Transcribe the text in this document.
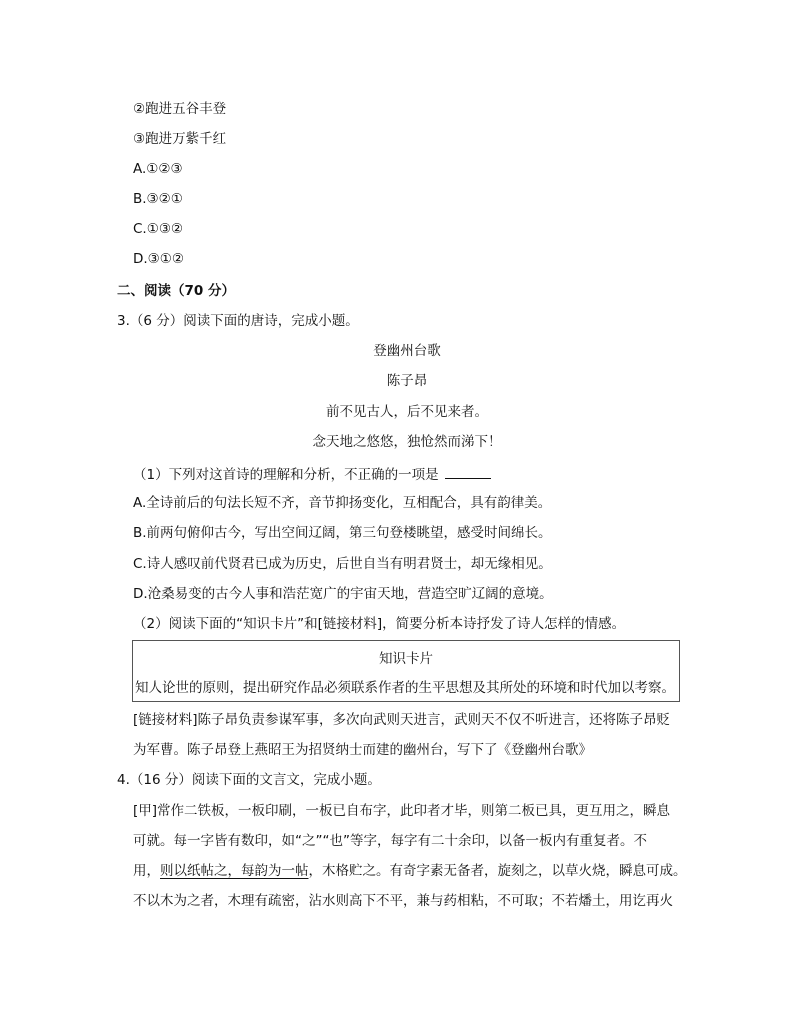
②跑进五谷丰登
③跑进万紫千红
A.①②③
B.③②①
C.①③②
D.③①②
二、阅读（70 分）
3.（6 分）阅读下面的唐诗，完成小题。
登幽州台歌
陈子昂
前不见古人，后不见来者。
念天地之悠悠，独怆然而涕下！
（1）下列对这首诗的理解和分析，不正确的一项是
A.全诗前后的句法长短不齐，音节抑扬变化，互相配合，具有韵律美。
B.前两句俯仰古今，写出空间辽阔，第三句登楼眺望，感受时间绵长。
C.诗人感叹前代贤君已成为历史，后世自当有明君贤士，却无缘相见。
D.沧桑易变的古今人事和浩茫宽广的宇宙天地，营造空旷辽阔的意境。
（2）阅读下面的“知识卡片”和[链接材料]，简要分析本诗抒发了诗人怎样的情感。
知识卡片
知人论世的原则，提出研究作品必须联系作者的生平思想及其所处的环境和时代加以考察。
[链接材料]陈子昂负责参谋军事，多次向武则天进言，武则天不仅不听进言，还将陈子昂贬
为军曹。陈子昂登上燕昭王为招贤纳士而建的幽州台，写下了《登幽州台歌》
4.（16 分）阅读下面的文言文，完成小题。
[甲]常作二铁板，一板印刷，一板已自布字，此印者才毕，则第二板已具，更互用之，瞬息
可就。每一字皆有数印，如“之”“也”等字，每字有二十余印，以备一板内有重复者。不
用，则以纸帖之，每韵为一帖，木格贮之。有奇字素无备者，旋刻之，以草火烧，瞬息可成。
不以木为之者，木理有疏密，沾水则高下不平，兼与药相粘，不可取；不若燔土，用讫再火
